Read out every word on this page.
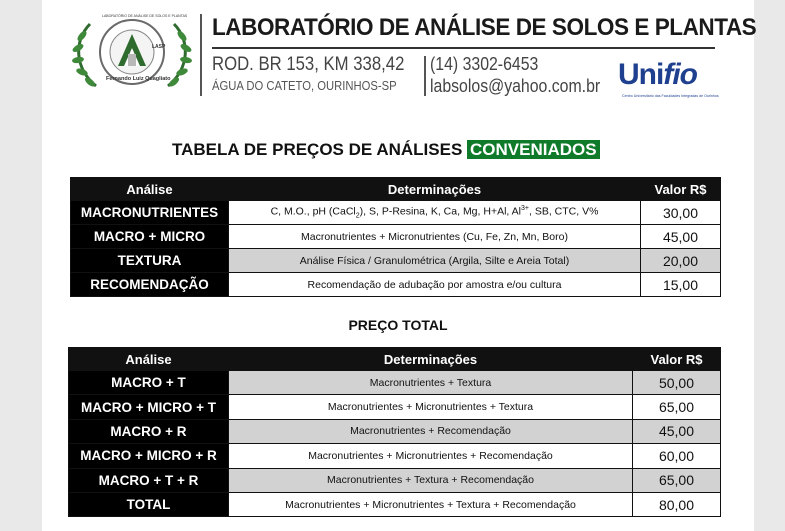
LABORATÓRIO DE ANÁLISE DE SOLOS E PLANTAS
Fernando Luiz Quagliato
LASP
LABORATÓRIO DE ANÁLISE DE SOLOS E PLANTAS
ROD. BR 153, KM 338,42
ÁGUA DO CATETO, OURINHOS-SP
(14) 3302-6453
labsolos@yahoo.com.br Unifio
Centro Universitário das Faculdades Integradas de Ourinhos
TABELA DE PREÇOS DE ANÁLISES CONVENIADOS
Análise	Determinações	Valor R$
MACRONUTRIENTES	C, M.O., pH (CaCl$_2$), S, P-Resina, K, Ca, Mg, H+Al, $Al^{3+}$, SB, CTC, V%	30,00
MACRO + MICRO	Macronutrientes + Micronutrientes (Cu, Fe, Zn, Mn, Boro)	45,00
TEXTURA	Análise Física / Granulométrica (Argila, Silte e Areia Total)	20,00
RECOMENDAÇÃO	Recomendação de adubação por amostra e/ou cultura	15,00
PREÇO TOTAL
Análise	Determinações	Valor R$
MACRO + T	Macronutrientes + Textura	50,00
MACRO + MICRO + T	Macronutrientes + Micronutrientes + Textura	65,00
MACRO + R	Macronutrientes + Recomendação	45,00
MACRO + MICRO + R	Macronutrientes + Micronutrientes + Recomendação	60,00
MACRO + T + R	Macronutrientes + Textura + Recomendação	65,00
TOTAL	Macronutrientes + Micronutrientes + Textura + Recomendação	80,00
